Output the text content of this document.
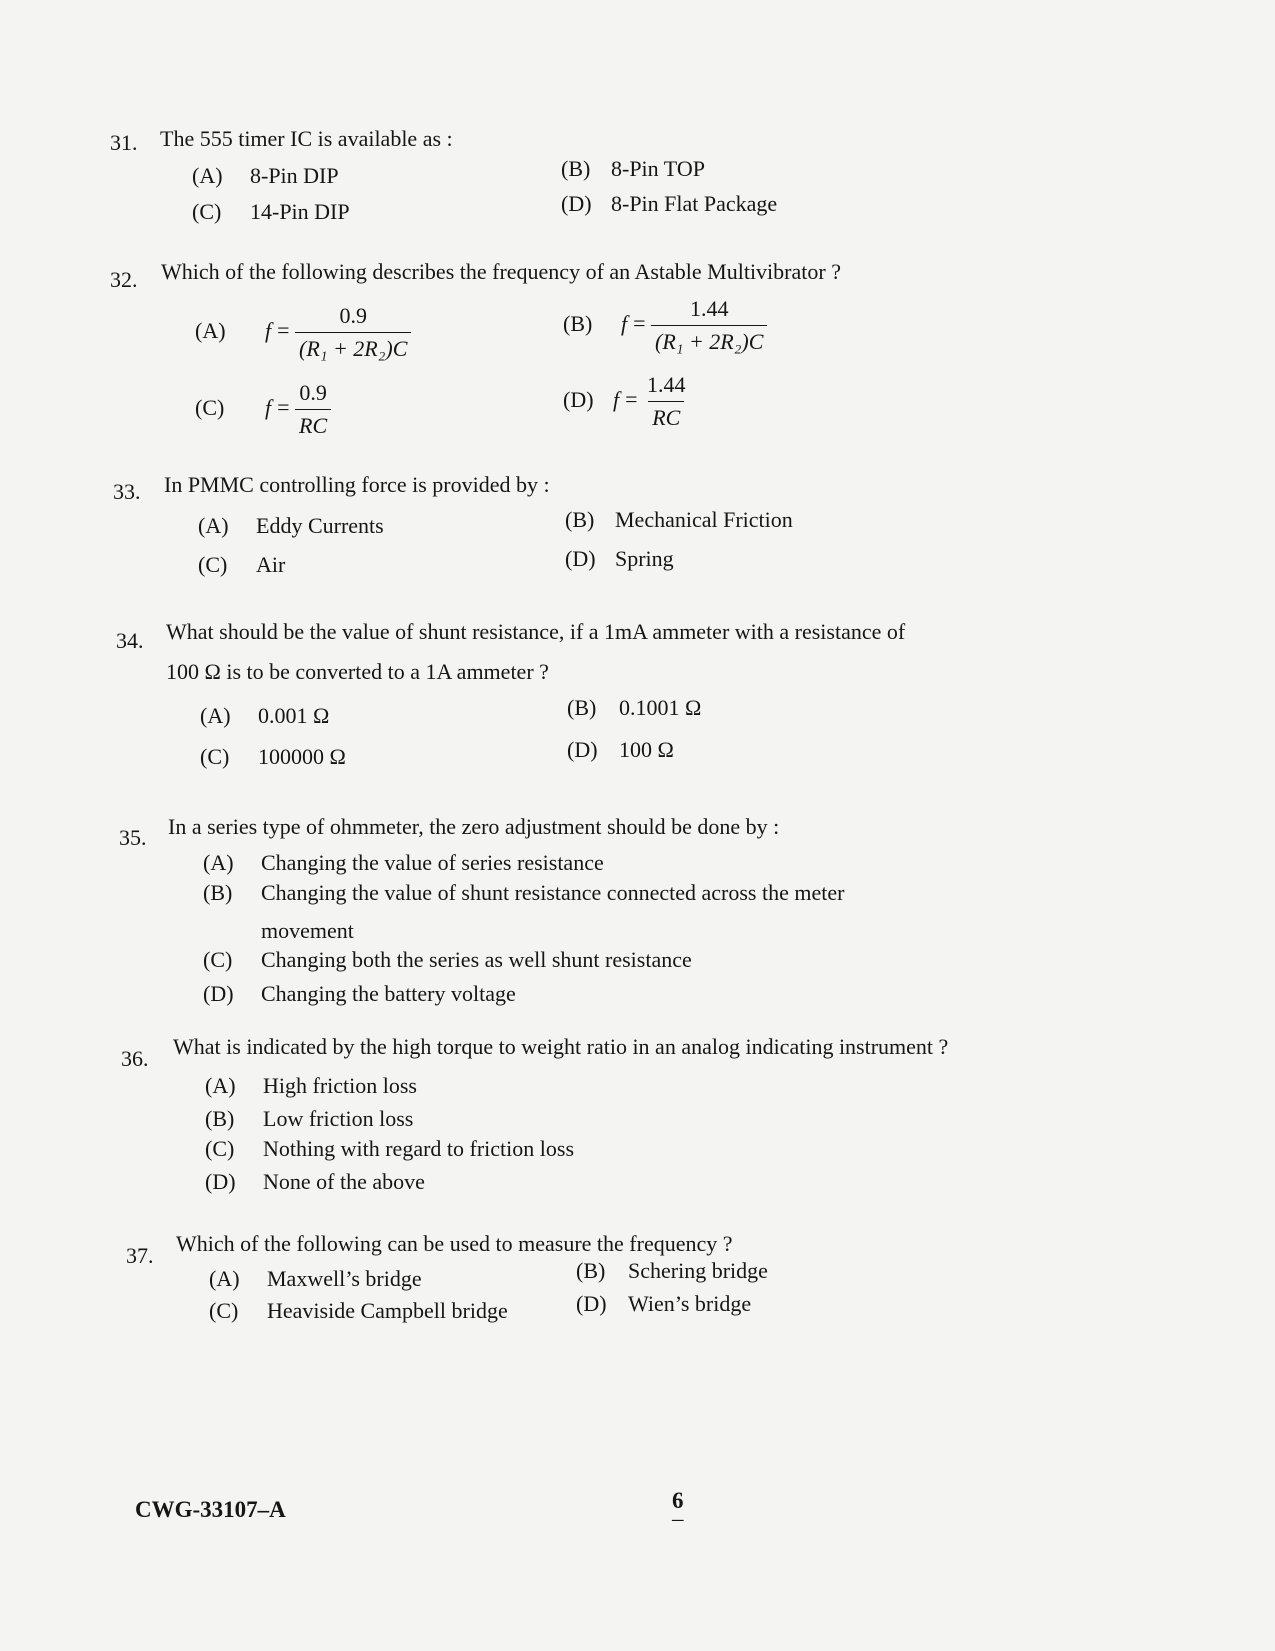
31. The 555 timer IC is available as :
(A) 8-Pin DIP	(B) 8-Pin TOP
(C) 14-Pin DIP	(D) 8-Pin Flat Package
32. Which of the following describes the frequency of an Astable Multivibrator ?
(A) $f = \frac{0.9}{\text{(R₁ + 2R₂)C}}$	(B) $f = \frac{1.44}{\text{(R₁ + 2R₂)C}}$
(C) $f = \frac{0.9}{RC}$	(D) $f = \frac{1.44}{RC}$
33. In PMMC controlling force is provided by :
(A) Eddy Currents	(B) Mechanical Friction
(C) Air	(D) Spring
34. What should be the value of shunt resistance, if a 1mA ammeter with a resistance of
100 Ω is to be converted to a 1A ammeter ?
(A) 0.001 Ω	(B) 0.1001 Ω
(C) 100000 Ω	(D) 100 Ω
35. In a series type of ohmmeter, the zero adjustment should be done by :
(A) Changing the value of series resistance
(B) Changing the value of shunt resistance connected across the meter
movement
(C) Changing both the series as well shunt resistance
(D) Changing the battery voltage
36. What is indicated by the high torque to weight ratio in an analog indicating instrument ?
(A) High friction loss
(B) Low friction loss
(C) Nothing with regard to friction loss
(D) None of the above
37. Which of the following can be used to measure the frequency ?
(A) Maxwell’s bridge	(B) Schering bridge
(C) Heaviside Campbell bridge	(D) Wien’s bridge
CWG-33107–A	6
–
